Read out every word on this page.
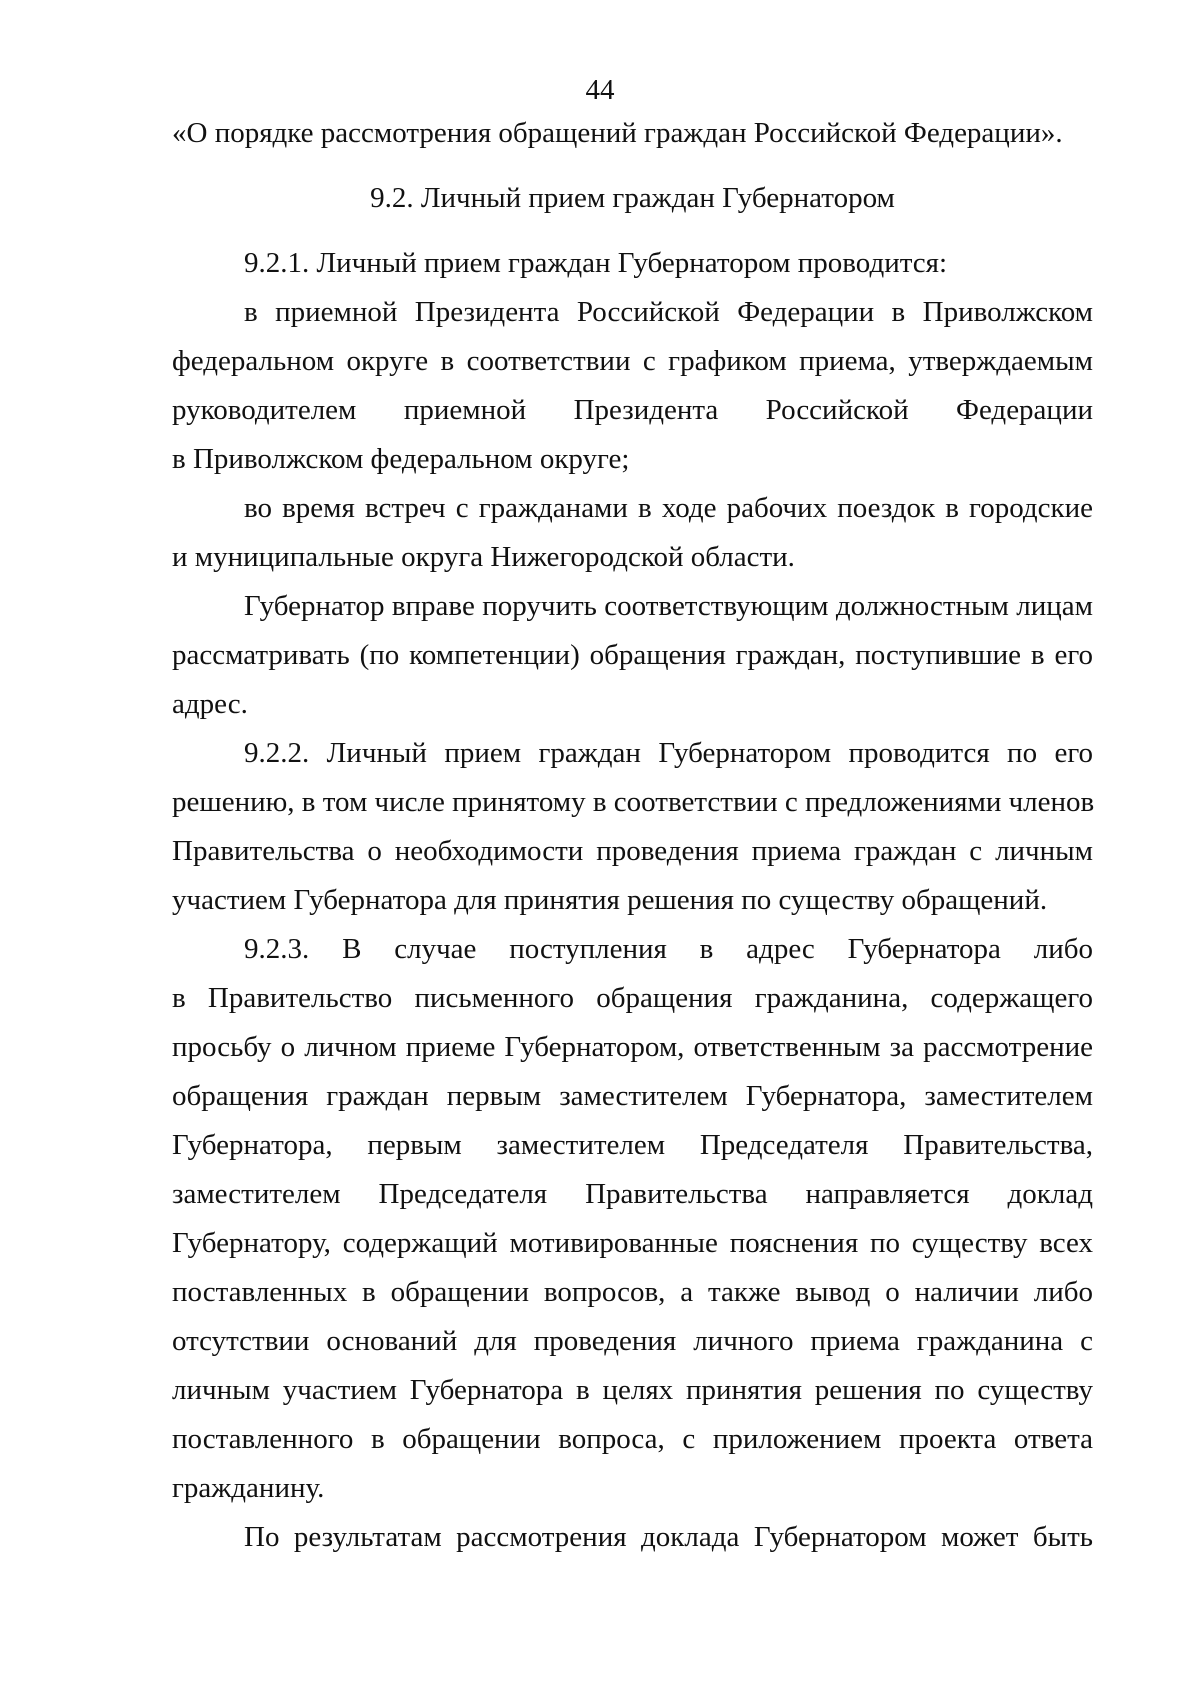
44
«О порядке рассмотрения обращений граждан Российской Федерации».
9.2. Личный прием граждан Губернатором
9.2.1. Личный прием граждан Губернатором проводится:
в приемной Президента Российской Федерации в Приволжском
федеральном округе в соответствии с графиком приема, утверждаемым
руководителем приемной Президента Российской Федерации
в Приволжском федеральном округе;
во время встреч с гражданами в ходе рабочих поездок в городские
и муниципальные округа Нижегородской области.
Губернатор вправе поручить соответствующим должностным лицам
рассматривать (по компетенции) обращения граждан, поступившие в его
адрес.
9.2.2. Личный прием граждан Губернатором проводится по его
решению, в том числе принятому в соответствии с предложениями членов
Правительства о необходимости проведения приема граждан с личным
участием Губернатора для принятия решения по существу обращений.
9.2.3. В случае поступления в адрес Губернатора либо
в Правительство письменного обращения гражданина, содержащего
просьбу о личном приеме Губернатором, ответственным за рассмотрение
обращения граждан первым заместителем Губернатора, заместителем
Губернатора, первым заместителем Председателя Правительства,
заместителем Председателя Правительства направляется доклад
Губернатору, содержащий мотивированные пояснения по существу всех
поставленных в обращении вопросов, а также вывод о наличии либо
отсутствии оснований для проведения личного приема гражданина с
личным участием Губернатора в целях принятия решения по существу
поставленного в обращении вопроса, с приложением проекта ответа
гражданину.
По результатам рассмотрения доклада Губернатором может быть
